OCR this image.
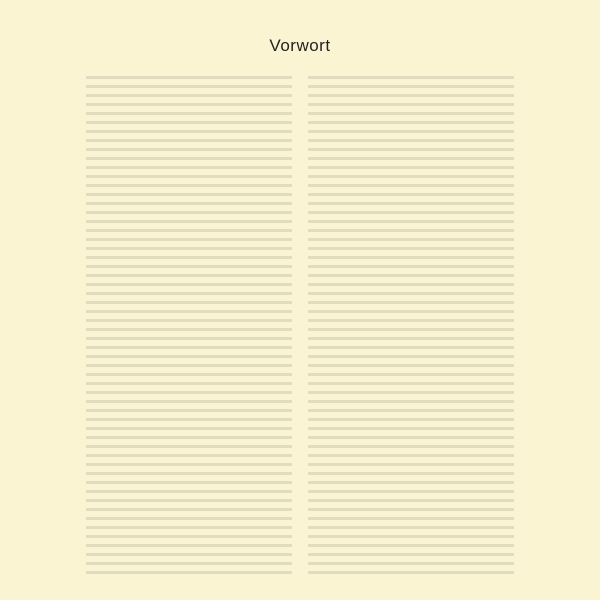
Vorwort
